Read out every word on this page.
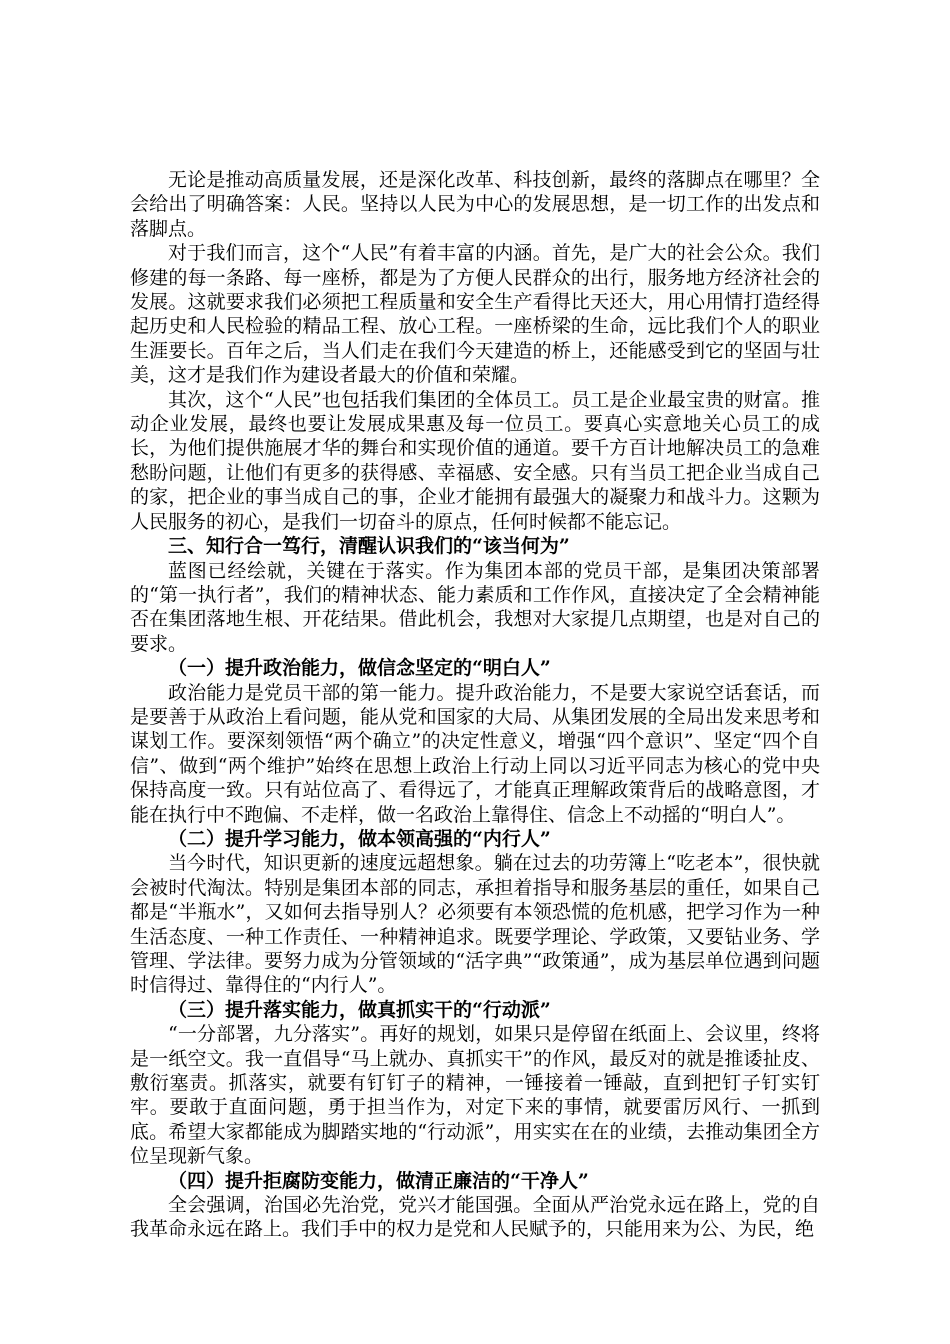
无论是推动高质量发展，还是深化改革、科技创新，最终的落脚点在哪里？全会给出了明确答案：人民。坚持以人民为中心的发展思想，是一切工作的出发点和落脚点。

对于我们而言，这个“人民”有着丰富的内涵。首先，是广大的社会公众。我们修建的每一条路、每一座桥，都是为了方便人民群众的出行，服务地方经济社会的发展。这就要求我们必须把工程质量和安全生产看得比天还大，用心用情打造经得起历史和人民检验的精品工程、放心工程。一座桥梁的生命，远比我们个人的职业生涯要长。百年之后，当人们走在我们今天建造的桥上，还能感受到它的坚固与壮美，这才是我们作为建设者最大的价值和荣耀。

其次，这个“人民”也包括我们集团的全体员工。员工是企业最宝贵的财富。推动企业发展，最终也要让发展成果惠及每一位员工。要真心实意地关心员工的成长，为他们提供施展才华的舞台和实现价值的通道。要千方百计地解决员工的急难愁盼问题，让他们有更多的获得感、幸福感、安全感。只有当员工把企业当成自己的家，把企业的事当成自己的事，企业才能拥有最强大的凝聚力和战斗力。这颗为人民服务的初心，是我们一切奋斗的原点，任何时候都不能忘记。

三、知行合一笃行，清醒认识我们的“该当何为”

蓝图已经绘就，关键在于落实。作为集团本部的党员干部，是集团决策部署的“第一执行者”，我们的精神状态、能力素质和工作作风，直接决定了全会精神能否在集团落地生根、开花结果。借此机会，我想对大家提几点期望，也是对自己的要求。

（一）提升政治能力，做信念坚定的“明白人”

政治能力是党员干部的第一能力。提升政治能力，不是要大家说空话套话，而是要善于从政治上看问题，能从党和国家的大局、从集团发展的全局出发来思考和谋划工作。要深刻领悟“两个确立”的决定性意义，增强“四个意识”、坚定“四个自信”、做到“两个维护”始终在思想上政治上行动上同以习近平同志为核心的党中央保持高度一致。只有站位高了、看得远了，才能真正理解政策背后的战略意图，才能在执行中不跑偏、不走样，做一名政治上靠得住、信念上不动摇的“明白人”。

（二）提升学习能力，做本领高强的“内行人”

当今时代，知识更新的速度远超想象。躺在过去的功劳簿上“吃老本”，很快就会被时代淘汰。特别是集团本部的同志，承担着指导和服务基层的重任，如果自己都是“半瓶水”，又如何去指导别人？必须要有本领恐慌的危机感，把学习作为一种生活态度、一种工作责任、一种精神追求。既要学理论、学政策，又要钻业务、学管理、学法律。要努力成为分管领域的“活字典”“政策通”，成为基层单位遇到问题时信得过、靠得住的“内行人”。

（三）提升落实能力，做真抓实干的“行动派”

“一分部署，九分落实”。再好的规划，如果只是停留在纸面上、会议里，终将是一纸空文。我一直倡导“马上就办、真抓实干”的作风，最反对的就是推诿扯皮、敷衍塞责。抓落实，就要有钉钉子的精神，一锤接着一锤敲，直到把钉子钉实钉牢。要敢于直面问题，勇于担当作为，对定下来的事情，就要雷厉风行、一抓到底。希望大家都能成为脚踏实地的“行动派”，用实实在在的业绩，去推动集团全方位呈现新气象。

（四）提升拒腐防变能力，做清正廉洁的“干净人”

全会强调，治国必先治党，党兴才能国强。全面从严治党永远在路上，党的自我革命永远在路上。我们手中的权力是党和人民赋予的，只能用来为公、为民，绝
